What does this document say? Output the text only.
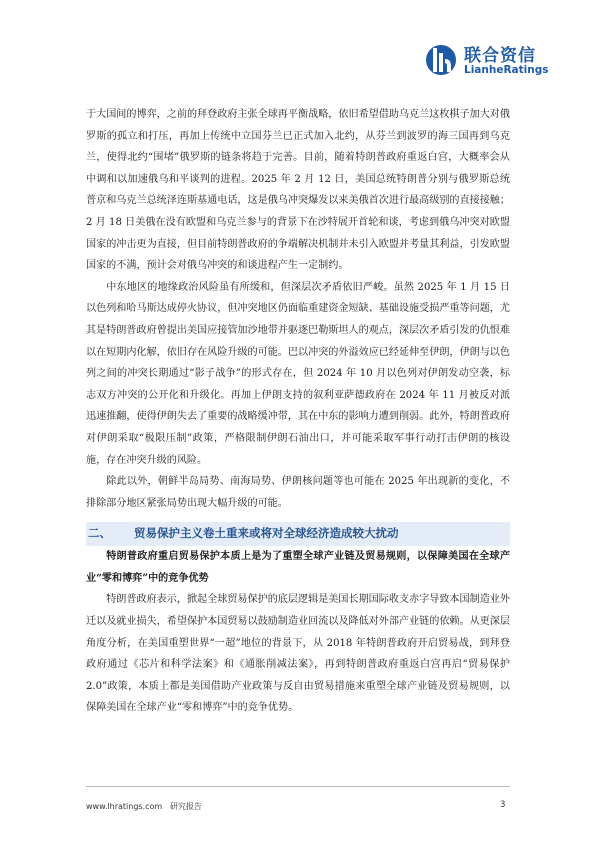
联合资信
LianheRatings

于大国间的博弈，之前的拜登政府主张全球再平衡战略，依旧希望借助乌克兰这枚棋子加大对俄罗斯的孤立和打压，再加上传统中立国芬兰已正式加入北约，从芬兰到波罗的海三国再到乌克兰，使得北约“围堵”俄罗斯的链条将趋于完善。目前，随着特朗普政府重返白宫，大概率会从中调和以加速俄乌和平谈判的进程。2025 年 2 月 12 日，美国总统特朗普分别与俄罗斯总统普京和乌克兰总统泽连斯基通电话，这是俄乌冲突爆发以来美俄首次进行最高级别的直接接触；2 月 18 日美俄在没有欧盟和乌克兰参与的背景下在沙特展开首轮和谈，考虑到俄乌冲突对欧盟国家的冲击更为直接，但目前特朗普政府的争端解决机制并未引入欧盟并考量其利益，引发欧盟国家的不满，预计会对俄乌冲突的和谈进程产生一定制约。

中东地区的地缘政治风险虽有所缓和，但深层次矛盾依旧严峻。虽然 2025 年 1 月 15 日以色列和哈马斯达成停火协议，但冲突地区仍面临重建资金短缺、基础设施受损严重等问题，尤其是特朗普政府曾提出美国应接管加沙地带并驱逐巴勒斯坦人的观点，深层次矛盾引发的仇恨难以在短期内化解，依旧存在风险升级的可能。巴以冲突的外溢效应已经延伸至伊朗，伊朗与以色列之间的冲突长期通过“影子战争”的形式存在，但 2024 年 10 月以色列对伊朗发动空袭，标志双方冲突的公开化和升级化。再加上伊朗支持的叙利亚萨德政府在 2024 年 11 月被反对派迅速推翻，使得伊朗失去了重要的战略缓冲带，其在中东的影响力遭到削弱。此外，特朗普政府对伊朗采取“极限压制”政策，严格限制伊朗石油出口，并可能采取军事行动打击伊朗的核设施，存在冲突升级的风险。

除此以外，朝鲜半岛局势、南海局势、伊朗核问题等也可能在 2025 年出现新的变化，不排除部分地区紧张局势出现大幅升级的可能。

二、	贸易保护主义卷土重来或将对全球经济造成较大扰动

特朗普政府重启贸易保护本质上是为了重塑全球产业链及贸易规则，以保障美国在全球产业“零和博弈”中的竞争优势

特朗普政府表示，掀起全球贸易保护的底层逻辑是美国长期国际收支赤字导致本国制造业外迁以及就业损失，希望保护本国贸易以鼓励制造业回流以及降低对外部产业链的依赖。从更深层角度分析，在美国重塑世界“一超”地位的背景下，从 2018 年特朗普政府开启贸易战，到拜登政府通过《芯片和科学法案》和《通胀削减法案》，再到特朗普政府重返白宫再启“贸易保护 2.0”政策，本质上都是美国借助产业政策与反自由贸易措施来重塑全球产业链及贸易规则，以保障美国在全球产业“零和博弈”中的竞争优势。

www.lhratings.com 研究报告	3
